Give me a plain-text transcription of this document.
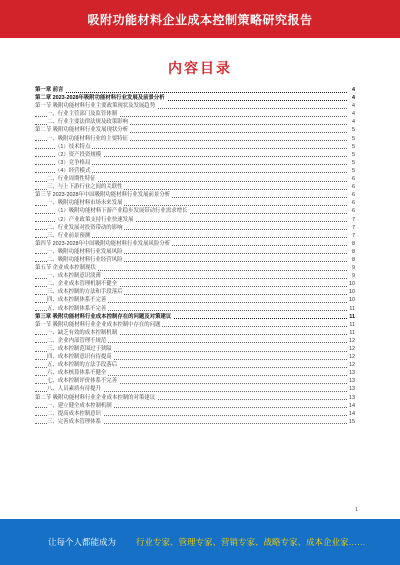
吸附功能材料企业成本控制策略研究报告
内容目录
第一章 前言	4
第二章 2023-2028年吸附功能材料行业发展及前景分析	4
第一节 吸附功能材料行业主要政策现状及发展趋势	4
一、行业主管部门及监管体制	4
二、行业主要法律法规及政策影响	4
第二节 吸附功能材料行业发展现状分析	5
一、吸附功能材料行业的主要特征	5
（1）技术特点	5
（2）资产投资规模	5
（3）竞争格局	5
（4）经营模式	5
二、行业周期性特征	6
三、与上下游行业之间的关联性	6
第三节 2023-2028年中国吸附功能材料行业发展前景分析	6
一、吸附功能材料市场未来发展	6
（1）吸附功能材料下游产业稳步发展带动行业需求增长	6
（2）产业政策支持行业快速发展	7
二、行业发展对投资带动的影响	7
三、行业前景预测	7
第四节 2023-2028年中国吸附功能材料行业发展风险分析	8
一、吸附功能材料行业发展风险	8
二、吸附功能材料行业经营风险	8
第五节 企业成本控制现状	9
一、成本控制意识淡薄	9
二、企业成本管理机制不健全	10
三、成本控制的方法和手段落后	10
四、成本控制体系不完善	10
五、成本控制体系不完善	11
第三章 吸附功能材料行业成本控制存在的问题及对策建议	11
第一节 吸附功能材料行业企业成本控制中存在的问题	11
一、缺乏有效的成本控制机制	11
二、企业内部管理不规范	12
三、成本控制范围过于狭隘	12
四、成本控制意识有待提高	12
五、成本控制的方法手段落后	12
六、成本核算体系不健全	13
七、成本控制评价体系不完善	13
八、人员素质有待提升	13
第二节 吸附功能材料行业企业成本控制的对策建议	13
一、建立健全成本控制机制	14
二、提高成本控制意识	14
三、完善成本管理体系	15
1
让每个人都能成为 行业专家、管理专家、营销专家、战略专家、成本企业家……
